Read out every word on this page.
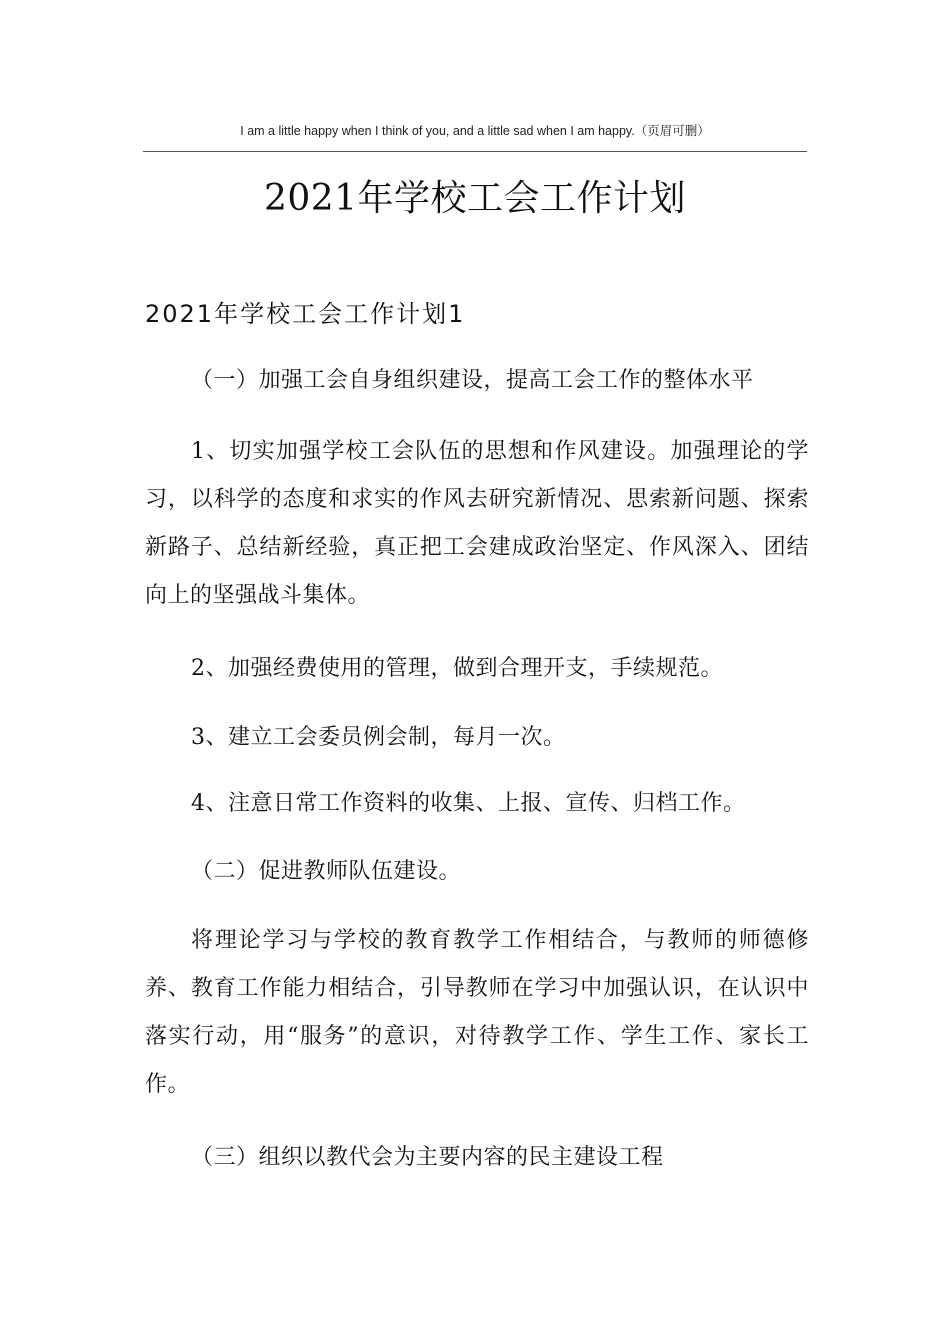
I am a little happy when I think of you, and a little sad when I am happy.（页眉可删）
2021年学校工会工作计划
2021年学校工会工作计划1
（一）加强工会自身组织建设，提高工会工作的整体水平
1、切实加强学校工会队伍的思想和作风建设。加强理论的学习，以科学的态度和求实的作风去研究新情况、思索新问题、探索新路子、总结新经验，真正把工会建成政治坚定、作风深入、团结向上的坚强战斗集体。
2、加强经费使用的管理，做到合理开支，手续规范。
3、建立工会委员例会制，每月一次。
4、注意日常工作资料的收集、上报、宣传、归档工作。
（二）促进教师队伍建设。
将理论学习与学校的教育教学工作相结合，与教师的师德修养、教育工作能力相结合，引导教师在学习中加强认识，在认识中落实行动，用“服务”的意识，对待教学工作、学生工作、家长工作。
（三）组织以教代会为主要内容的民主建设工程
